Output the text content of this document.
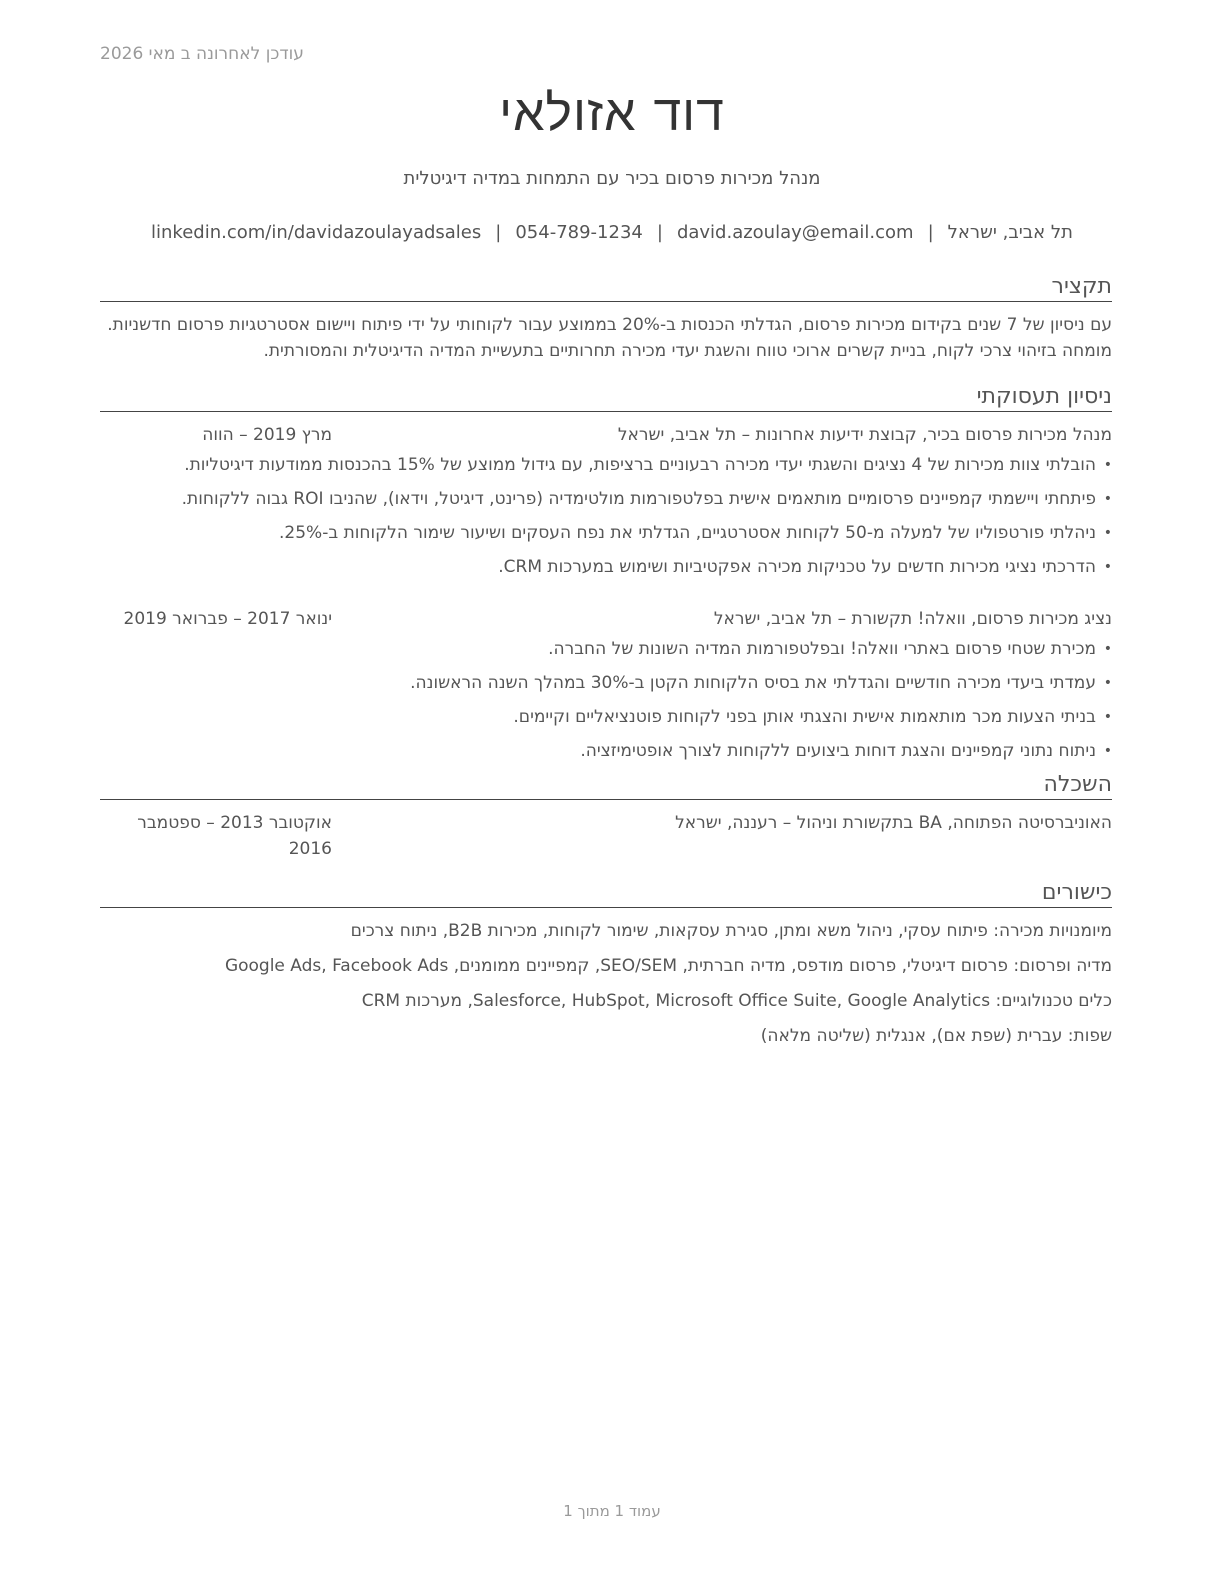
עודכן לאחרונה ב מאי 2026
דוד אזולאי
מנהל מכירות פרסום בכיר עם התמחות במדיה דיגיטלית
תל אביב, ישראל|david.azoulay@email.com|054-789-1234|linkedin.com/in/davidazoulayadsales
תקציר
עם ניסיון של 7 שנים בקידום מכירות פרסום, הגדלתי הכנסות ב-20% בממוצע עבור לקוחותי על ידי פיתוח ויישום אסטרטגיות פרסום חדשניות. מומחה בזיהוי צרכי לקוח, בניית קשרים ארוכי טווח והשגת יעדי מכירה תחרותיים בתעשיית המדיה הדיגיטלית והמסורתית.
ניסיון תעסוקתי
מנהל מכירות פרסום בכיר, קבוצת ידיעות אחרונות – תל אביב, ישראל
מרץ 2019 – הווה
• הובלתי צוות מכירות של 4 נציגים והשגתי יעדי מכירה רבעוניים ברציפות, עם גידול ממוצע של 15% בהכנסות ממודעות דיגיטליות.
• פיתחתי ויישמתי קמפיינים פרסומיים מותאמים אישית בפלטפורמות מולטימדיה (פרינט, דיגיטל, וידאו), שהניבו ROI גבוה ללקוחות.
• ניהלתי פורטפוליו של למעלה מ-50 לקוחות אסטרטגיים, הגדלתי את נפח העסקים ושיעור שימור הלקוחות ב-25%.
• הדרכתי נציגי מכירות חדשים על טכניקות מכירה אפקטיביות ושימוש במערכות CRM.
נציג מכירות פרסום, וואלה! תקשורת – תל אביב, ישראל
ינואר 2017 – פברואר 2019
• מכירת שטחי פרסום באתרי וואלה! ובפלטפורמות המדיה השונות של החברה.
• עמדתי ביעדי מכירה חודשיים והגדלתי את בסיס הלקוחות הקטן ב-30% במהלך השנה הראשונה.
• בניתי הצעות מכר מותאמות אישית והצגתי אותן בפני לקוחות פוטנציאליים וקיימים.
• ניתוח נתוני קמפיינים והצגת דוחות ביצועים ללקוחות לצורך אופטימיזציה.
השכלה
האוניברסיטה הפתוחה, BA בתקשורת וניהול – רעננה, ישראל
אוקטובר 2013 – ספטמבר 2016
כישורים
מיומנויות מכירה: פיתוח עסקי, ניהול משא ומתן, סגירת עסקאות, שימור לקוחות, מכירות B2B, ניתוח צרכים
מדיה ופרסום: פרסום דיגיטלי, פרסום מודפס, מדיה חברתית, SEO/SEM, קמפיינים ממומנים, Google Ads, Facebook Ads
כלים טכנולוגיים: Salesforce, HubSpot, Microsoft Office Suite, Google Analytics, מערכות CRM
שפות: עברית (שפת אם), אנגלית (שליטה מלאה)
עמוד 1 מתוך 1
